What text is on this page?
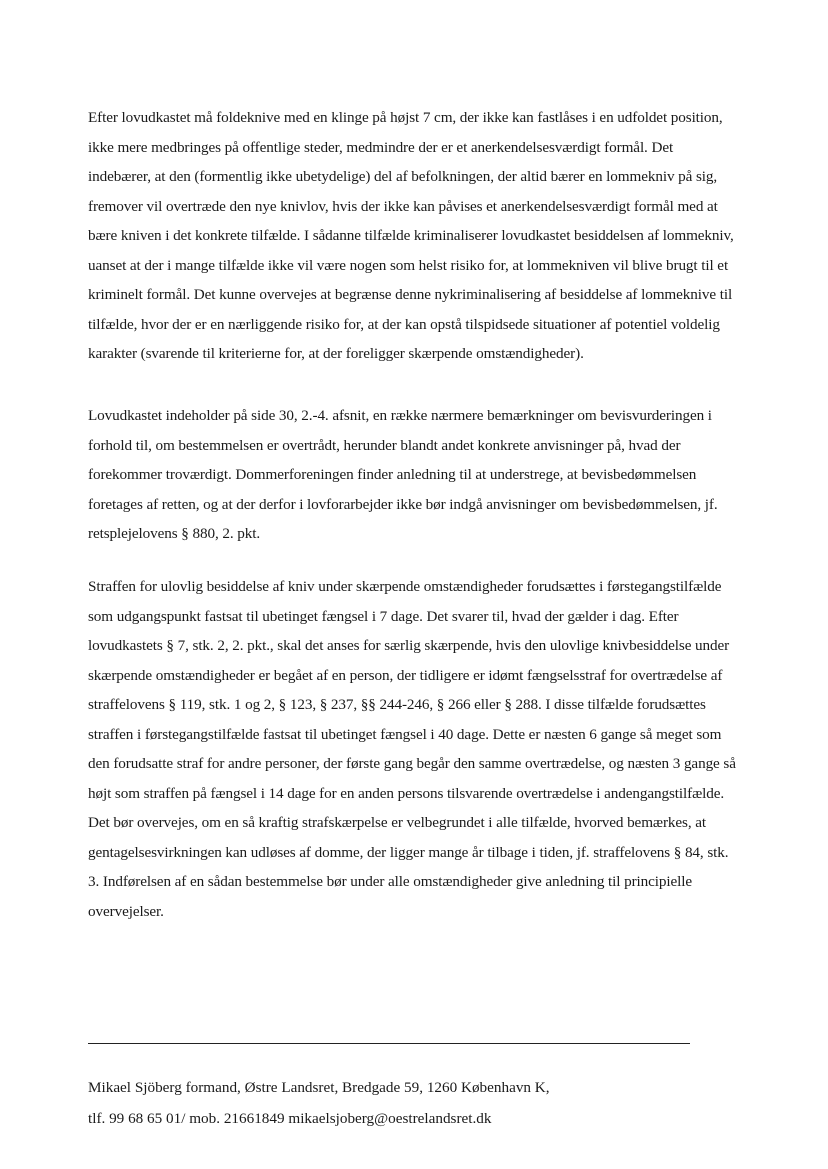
Efter lovudkastet må foldeknive med en klinge på højst 7 cm, der ikke kan fastlåses i en udfoldet position, ikke mere medbringes på offentlige steder, medmindre der er et anerkendelsesværdigt formål. Det indebærer, at den (formentlig ikke ubetydelige) del af befolkningen, der altid bærer en lommekniv på sig, fremover vil overtræde den nye knivlov, hvis der ikke kan påvises et anerkendelsesværdigt formål med at bære kniven i det konkrete tilfælde. I sådanne tilfælde kriminaliserer lovudkastet besiddelsen af lommekniv, uanset at der i mange tilfælde ikke vil være nogen som helst risiko for, at lommekniven vil blive brugt til et kriminelt formål. Det kunne overvejes at begrænse denne nykriminalisering af besiddelse af lommeknive til tilfælde, hvor der er en nærliggende risiko for, at der kan opstå tilspidsede situationer af potentiel voldelig karakter (svarende til kriterierne for, at der foreligger skærpende omstændigheder).

Lovudkastet indeholder på side 30, 2.-4. afsnit, en række nærmere bemærkninger om bevisvurderingen i forhold til, om bestemmelsen er overtrådt, herunder blandt andet konkrete anvisninger på, hvad der forekommer troværdigt. Dommerforeningen finder anledning til at understrege, at bevisbedømmelsen foretages af retten, og at der derfor i lovforarbejder ikke bør indgå anvisninger om bevisbedømmelsen, jf. retsplejelovens § 880, 2. pkt.

Straffen for ulovlig besiddelse af kniv under skærpende omstændigheder forudsættes i førstegangstilfælde som udgangspunkt fastsat til ubetinget fængsel i 7 dage. Det svarer til, hvad der gælder i dag. Efter lovudkastets § 7, stk. 2, 2. pkt., skal det anses for særlig skærpende, hvis den ulovlige knivbesiddelse under skærpende omstændigheder er begået af en person, der tidligere er idømt fængselsstraf for overtrædelse af straffelovens § 119, stk. 1 og 2, § 123, § 237, §§ 244-246, § 266 eller § 288. I disse tilfælde forudsættes straffen i førstegangstilfælde fastsat til ubetinget fængsel i 40 dage. Dette er næsten 6 gange så meget som den forudsatte straf for andre personer, der første gang begår den samme overtrædelse, og næsten 3 gange så højt som straffen på fængsel i 14 dage for en anden persons tilsvarende overtrædelse i andengangstilfælde. Det bør overvejes, om en så kraftig strafskærpelse er velbegrundet i alle tilfælde, hvorved bemærkes, at gentagelsesvirkningen kan udløses af domme, der ligger mange år tilbage i tiden, jf. straffelovens § 84, stk. 3. Indførelsen af en sådan bestemmelse bør under alle omstændigheder give anledning til principielle overvejelser.

Mikael Sjöberg formand, Østre Landsret, Bredgade 59, 1260 København K,

tlf. 99 68 65 01/ mob. 21661849 mikaelsjoberg@oestrelandsret.dk
